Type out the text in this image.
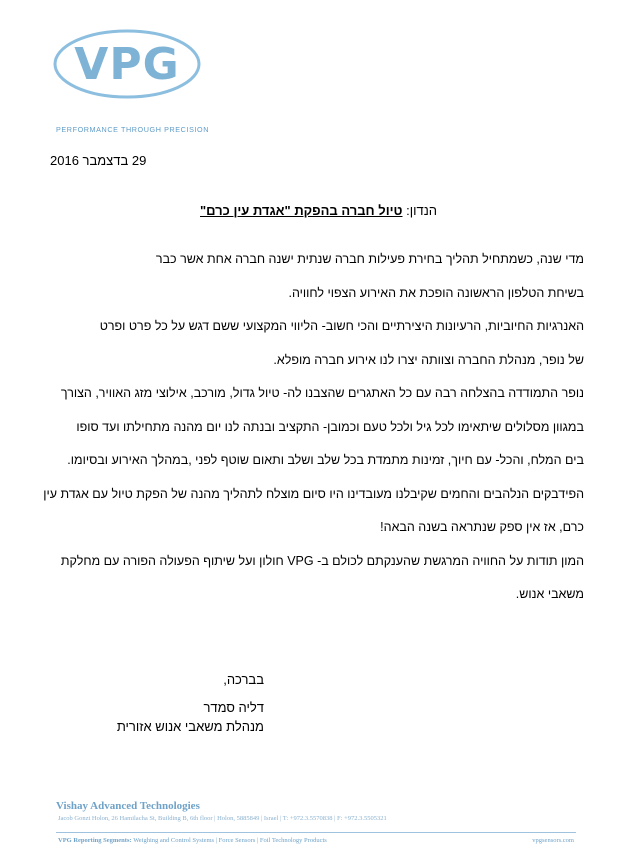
VPG
PERFORMANCE THROUGH PRECISION
29 בדצמבר 2016
הנדון: טיול חברה בהפקת "אגדת עין כרם"
מדי שנה, כשמתחיל תהליך בחירת פעילות חברה שנתית ישנה חברה אחת אשר כבר
בשיחת הטלפון הראשונה הופכת את האירוע הצפוי לחוויה.
האנרגיות החיוביות, הרעיונות היצירתיים והכי חשוב- הליווי המקצועי ששם דגש על כל פרט ופרט
של נופר, מנהלת החברה וצוותה יצרו לנו אירוע חברה מופלא.
נופר התמודדה בהצלחה רבה עם כל האתגרים שהצבנו לה- טיול גדול, מורכב, אילוצי מזג האוויר, הצורך
במגוון מסלולים שיתאימו לכל גיל ולכל טעם וכמובן- התקציב ובנתה לנו יום מהנה מתחילתו ועד סופו
בים המלח, והכל- עם חיוך, זמינות מתמדת בכל שלב ושלב ותאום שוטף לפני ,במהלך האירוע ובסיומו.
הפידבקים הנלהבים והחמים שקיבלנו מעובדינו היו סיום מוצלח לתהליך מהנה של הפקת טיול עם אגדת עין
כרם, אז אין ספק שנתראה בשנה הבאה!
המון תודות על החוויה המרגשת שהענקתם לכולם ב- VPG חולון ועל שיתוף הפעולה הפורה עם מחלקת
משאבי אנוש.
בברכה,
דליה סמדר
מנהלת משאבי אנוש אזורית
Vishay Advanced Technologies
Jacob Gonzt Holon, 26 Hamilacha St, Building B, 6th floor | Holon, 5885849 | Israel | T: +972.3.5570838 | F: +972.3.5505321
VPG Reporting Segments: Weighing and Control Systems | Force Sensors | Foil Technology Products	vpgsensors.com
